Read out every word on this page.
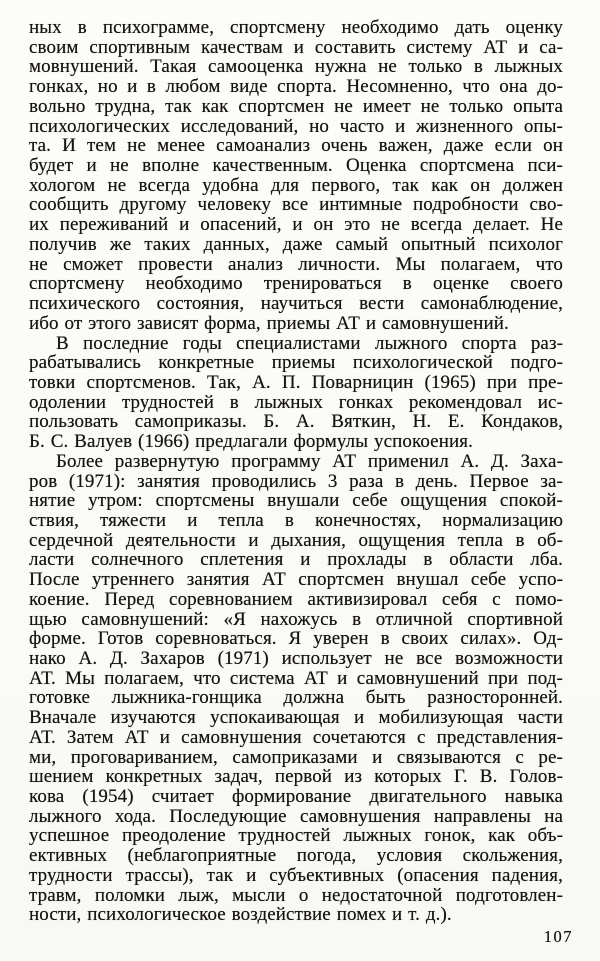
ных в психограмме, спортсмену необходимо дать оценку
своим спортивным качествам и составить систему АТ и са-
мовнушений. Такая самооценка нужна не только в лыжных
гонках, но и в любом виде спорта. Несомненно, что она до-
вольно трудна, так как спортсмен не имеет не только опыта
психологических исследований, но часто и жизненного опы-
та. И тем не менее самоанализ очень важен, даже если он
будет и не вполне качественным. Оценка спортсмена пси-
хологом не всегда удобна для первого, так как он должен
сообщить другому человеку все интимные подробности сво-
их переживаний и опасений, и он это не всегда делает. Не
получив же таких данных, даже самый опытный психолог
не сможет провести анализ личности. Мы полагаем, что
спортсмену необходимо тренироваться в оценке своего
психического состояния, научиться вести самонаблюдение,
ибо от этого зависят форма, приемы АТ и самовнушений.
В последние годы специалистами лыжного спорта раз-
рабатывались конкретные приемы психологической подго-
товки спортсменов. Так, А. П. Поварницин (1965) при пре-
одолении трудностей в лыжных гонках рекомендовал ис-
пользовать самоприказы. Б. А. Вяткин, Н. Е. Кондаков,
Б. С. Валуев (1966) предлагали формулы успокоения.
Более развернутую программу АТ применил А. Д. Заха-
ров (1971): занятия проводились 3 раза в день. Первое за-
нятие утром: спортсмены внушали себе ощущения спокой-
ствия, тяжести и тепла в конечностях, нормализацию
сердечной деятельности и дыхания, ощущения тепла в об-
ласти солнечного сплетения и прохлады в области лба.
После утреннего занятия АТ спортсмен внушал себе успо-
коение. Перед соревнованием активизировал себя с помо-
щью самовнушений: «Я нахожусь в отличной спортивной
форме. Готов соревноваться. Я уверен в своих силах». Од-
нако А. Д. Захаров (1971) использует не все возможности
АТ. Мы полагаем, что система АТ и самовнушений при под-
готовке лыжника-гонщика должна быть разносторонней.
Вначале изучаются успокаивающая и мобилизующая части
АТ. Затем АТ и самовнушения сочетаются с представления-
ми, проговариванием, самоприказами и связываются с ре-
шением конкретных задач, первой из которых Г. В. Голов-
кова (1954) считает формирование двигательного навыка
лыжного хода. Последующие самовнушения направлены на
успешное преодоление трудностей лыжных гонок, как объ-
ективных (неблагоприятные погода, условия скольжения,
трудности трассы), так и субъективных (опасения падения,
травм, поломки лыж, мысли о недостаточной подготовлен-
ности, психологическое воздействие помех и т. д.).
107
